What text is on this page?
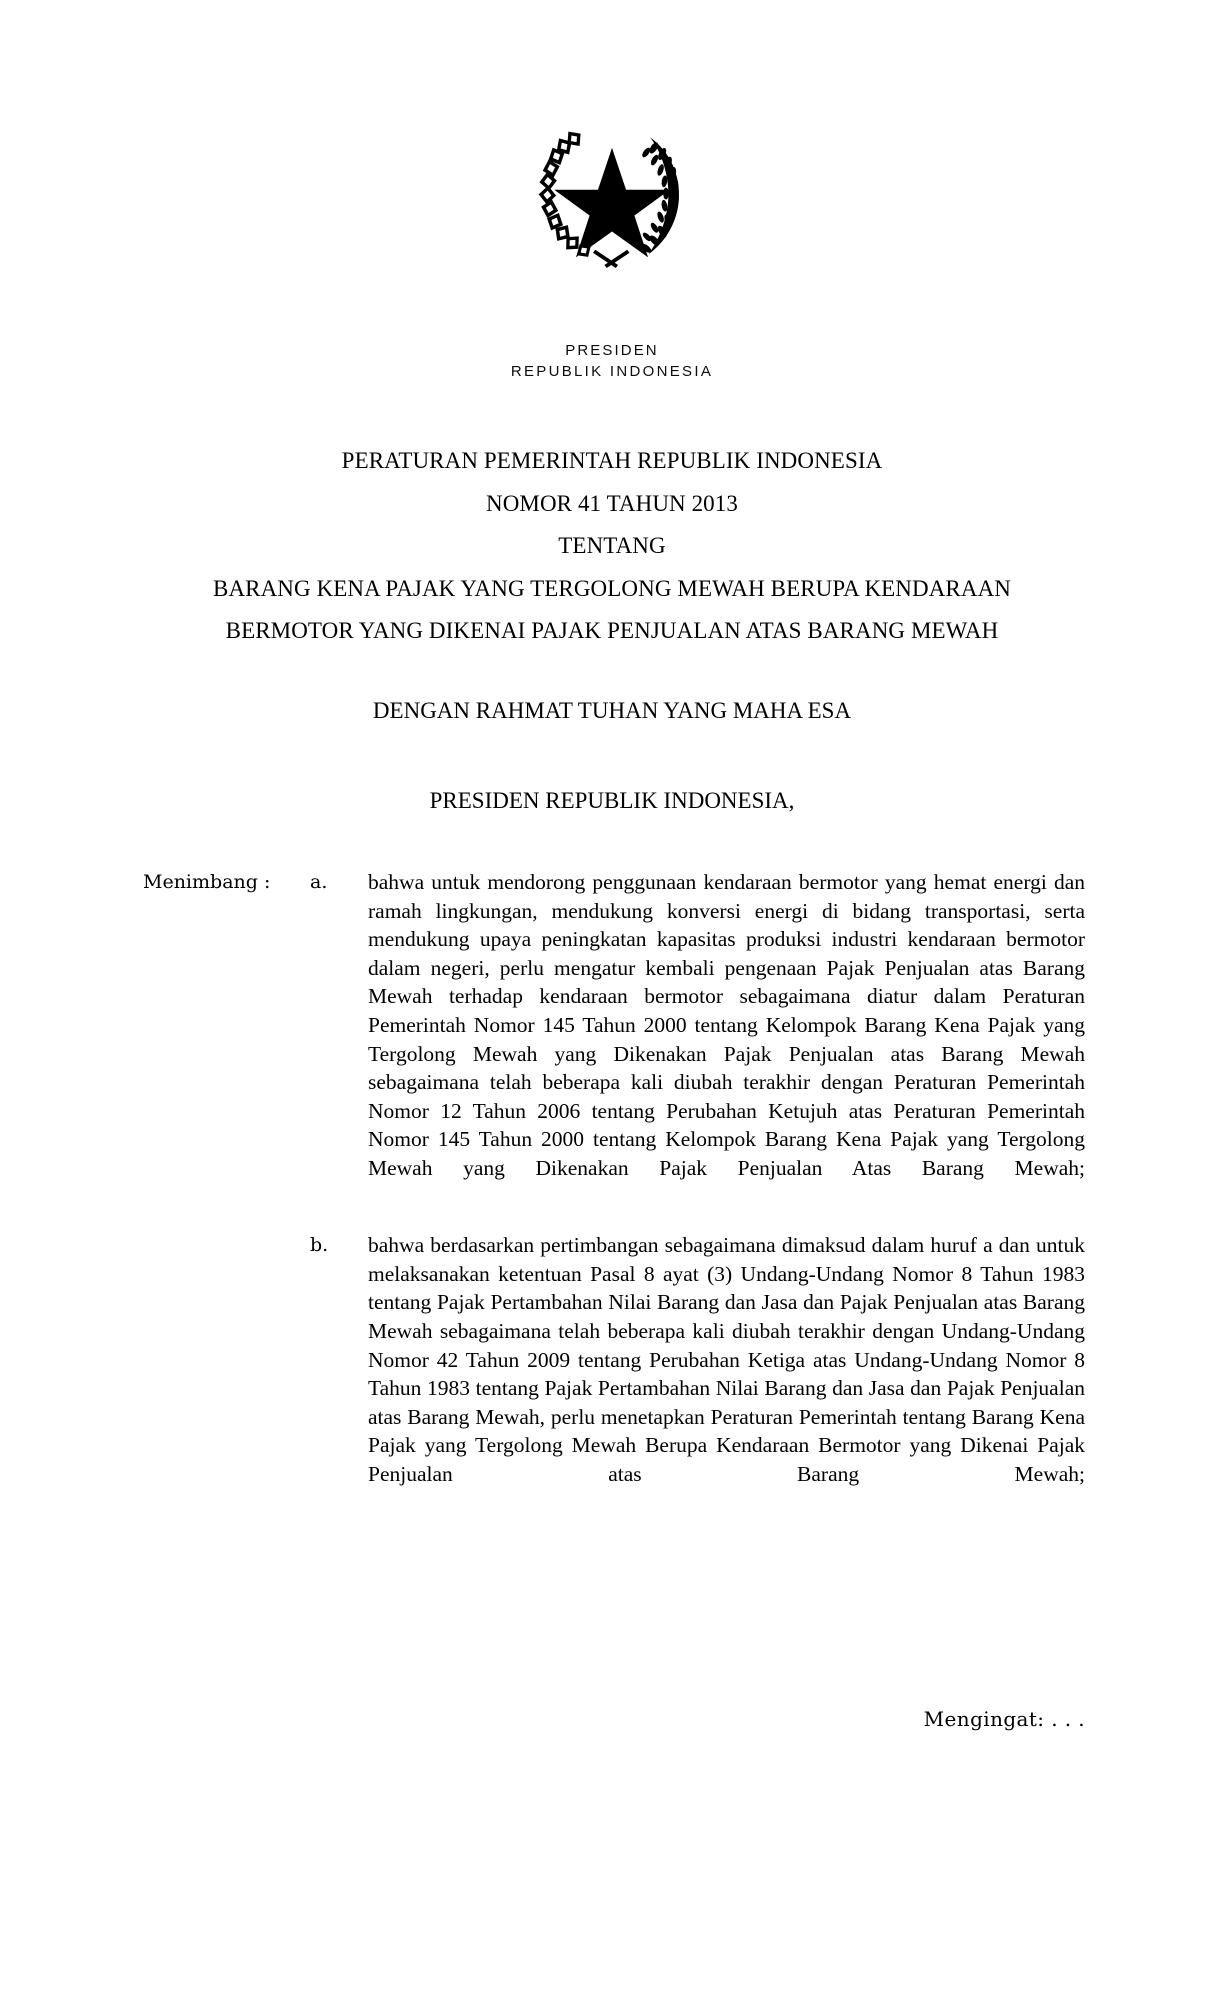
PRESIDEN
REPUBLIK INDONESIA
PERATURAN PEMERINTAH REPUBLIK INDONESIA
NOMOR 41 TAHUN 2013
TENTANG
BARANG KENA PAJAK YANG TERGOLONG MEWAH BERUPA KENDARAAN
BERMOTOR YANG DIKENAI PAJAK PENJUALAN ATAS BARANG MEWAH
DENGAN RAHMAT TUHAN YANG MAHA ESA
PRESIDEN REPUBLIK INDONESIA,
Menimbang :	a.	bahwa untuk mendorong penggunaan kendaraan bermotor yang hemat energi dan ramah lingkungan, mendukung konversi energi di bidang transportasi, serta mendukung upaya peningkatan kapasitas produksi industri kendaraan bermotor dalam negeri, perlu mengatur kembali pengenaan Pajak Penjualan atas Barang Mewah terhadap kendaraan bermotor sebagaimana diatur dalam Peraturan Pemerintah Nomor 145 Tahun 2000 tentang Kelompok Barang Kena Pajak yang Tergolong Mewah yang Dikenakan Pajak Penjualan atas Barang Mewah sebagaimana telah beberapa kali diubah terakhir dengan Peraturan Pemerintah Nomor 12 Tahun 2006 tentang Perubahan Ketujuh atas Peraturan Pemerintah Nomor 145 Tahun 2000 tentang Kelompok Barang Kena Pajak yang Tergolong Mewah yang Dikenakan Pajak Penjualan Atas Barang Mewah;

b.	bahwa berdasarkan pertimbangan sebagaimana dimaksud dalam huruf a dan untuk melaksanakan ketentuan Pasal 8 ayat (3) Undang-Undang Nomor 8 Tahun 1983 tentang Pajak Pertambahan Nilai Barang dan Jasa dan Pajak Penjualan atas Barang Mewah sebagaimana telah beberapa kali diubah terakhir dengan Undang-Undang Nomor 42 Tahun 2009 tentang Perubahan Ketiga atas Undang-Undang Nomor 8 Tahun 1983 tentang Pajak Pertambahan Nilai Barang dan Jasa dan Pajak Penjualan atas Barang Mewah, perlu menetapkan Peraturan Pemerintah tentang Barang Kena Pajak yang Tergolong Mewah Berupa Kendaraan Bermotor yang Dikenai Pajak Penjualan atas Barang Mewah;

Mengingat: . . .
